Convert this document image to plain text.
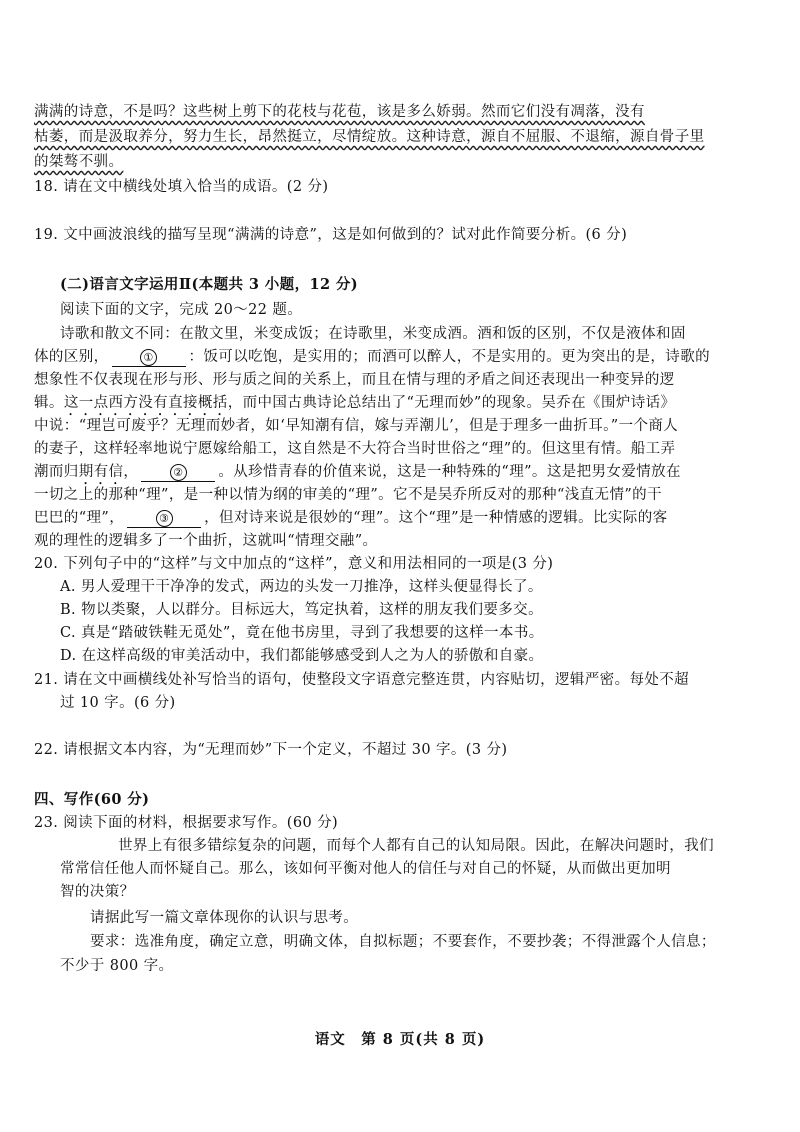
满满的诗意，不是吗？这些树上剪下的花枝与花苞，该是多么娇弱。然而它们没有凋落，没有
枯萎，而是汲取养分，努力生长，昂然挺立，尽情绽放。这种诗意，源自不屈服、不退缩，源自骨子里
的桀骜不驯。
18. 请在文中横线处填入恰当的成语。(2 分)
19. 文中画波浪线的描写呈现“满满的诗意”，这是如何做到的？试对此作简要分析。(6 分)
(二)语言文字运用Ⅱ(本题共 3 小题，12 分)
阅读下面的文字，完成 20～22 题。
诗歌和散文不同：在散文里，米变成饭；在诗歌里，米变成酒。酒和饭的区别，不仅是液体和固
体的区别，	① ：饭可以吃饱，是实用的；而酒可以醉人，不是实用的。更为突出的是，诗歌的
想象性不仅表现在形与形、形与质之间的关系上，而且在情与理的矛盾之间还表现出一种变异的逻
辑。这一点西方没有直接概括，而中国古典诗论总结出了“无理而妙”的现象。吴乔在《围炉诗话》
中说：“理岂可废乎？无理而妙者，如‘早知潮有信，嫁与弄潮儿’，但是于理多一曲折耳。”一个商人
的妻子，这样轻率地说宁愿嫁给船工，这自然是不大符合当时世俗之“理”的。但这里有情。船工弄
潮而归期有信，	② 。从珍惜青春的价值来说，这是一种特殊的“理”。这是把男女爱情放在
一切之上的那种“理”，是一种以情为纲的审美的“理”。它不是吴乔所反对的那种“浅直无情”的干
巴巴的“理”，	③ ，但对诗来说是很妙的“理”。这个“理”是一种情感的逻辑。比实际的客
观的理性的逻辑多了一个曲折，这就叫“情理交融”。
20. 下列句子中的“这样”与文中加点的“这样”，意义和用法相同的一项是(3 分)
A. 男人爱理干干净净的发式，两边的头发一刀推净，这样头便显得长了。
B. 物以类聚，人以群分。目标远大，笃定执着，这样的朋友我们要多交。
C. 真是“踏破铁鞋无觅处”，竟在他书房里，寻到了我想要的这样一本书。
D. 在这样高级的审美活动中，我们都能够感受到人之为人的骄傲和自豪。
21. 请在文中画横线处补写恰当的语句，使整段文字语意完整连贯，内容贴切，逻辑严密。每处不超
过 10 字。(6 分)
22. 请根据文本内容，为“无理而妙”下一个定义，不超过 30 字。(3 分)
四、写作(60 分)
23. 阅读下面的材料，根据要求写作。(60 分)
世界上有很多错综复杂的问题，而每个人都有自己的认知局限。因此，在解决问题时，我们
常常信任他人而怀疑自己。那么，该如何平衡对他人的信任与对自己的怀疑，从而做出更加明
智的决策？
请据此写一篇文章体现你的认识与思考。
要求：选准角度，确定立意，明确文体，自拟标题；不要套作，不要抄袭；不得泄露个人信息；
不少于 800 字。
语文　第 8 页(共 8 页)
